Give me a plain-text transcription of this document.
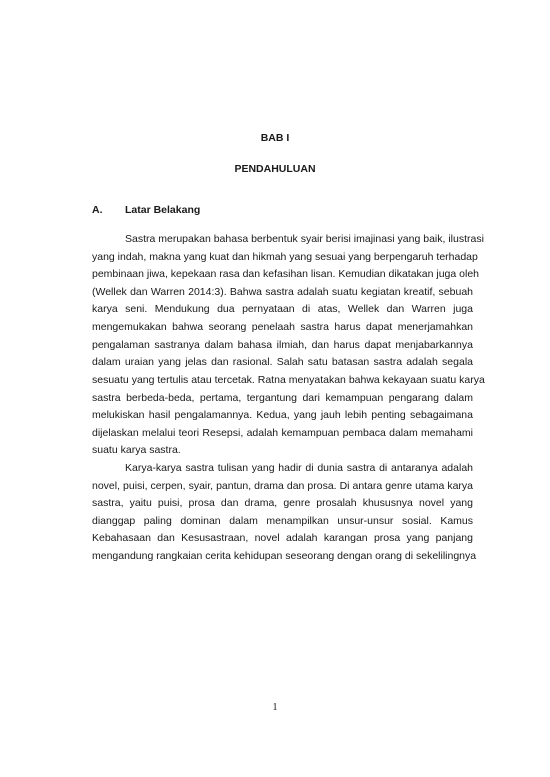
BAB I
PENDAHULUAN
A. Latar Belakang
Sastra merupakan bahasa berbentuk syair berisi imajinasi yang baik, ilustrasi
yang indah, makna yang kuat dan hikmah yang sesuai yang berpengaruh terhadap
pembinaan jiwa, kepekaan rasa dan kefasihan lisan. Kemudian dikatakan juga oleh
(Wellek dan Warren 2014:3). Bahwa sastra adalah suatu kegiatan kreatif, sebuah
karya seni. Mendukung dua pernyataan di atas, Wellek dan Warren juga
mengemukakan bahwa seorang penelaah sastra harus dapat menerjamahkan
pengalaman sastranya dalam bahasa ilmiah, dan harus dapat menjabarkannya
dalam uraian yang jelas dan rasional. Salah satu batasan sastra adalah segala
sesuatu yang tertulis atau tercetak. Ratna menyatakan bahwa kekayaan suatu karya
sastra berbeda-beda, pertama, tergantung dari kemampuan pengarang dalam
melukiskan hasil pengalamannya. Kedua, yang jauh lebih penting sebagaimana
dijelaskan melalui teori Resepsi, adalah kemampuan pembaca dalam memahami
suatu karya sastra.
Karya-karya sastra tulisan yang hadir di dunia sastra di antaranya adalah
novel, puisi, cerpen, syair, pantun, drama dan prosa. Di antara genre utama karya
sastra, yaitu puisi, prosa dan drama, genre prosalah khususnya novel yang
dianggap paling dominan dalam menampilkan unsur-unsur sosial. Kamus
Kebahasaan dan Kesusastraan, novel adalah karangan prosa yang panjang
mengandung rangkaian cerita kehidupan seseorang dengan orang di sekelilingnya
1
